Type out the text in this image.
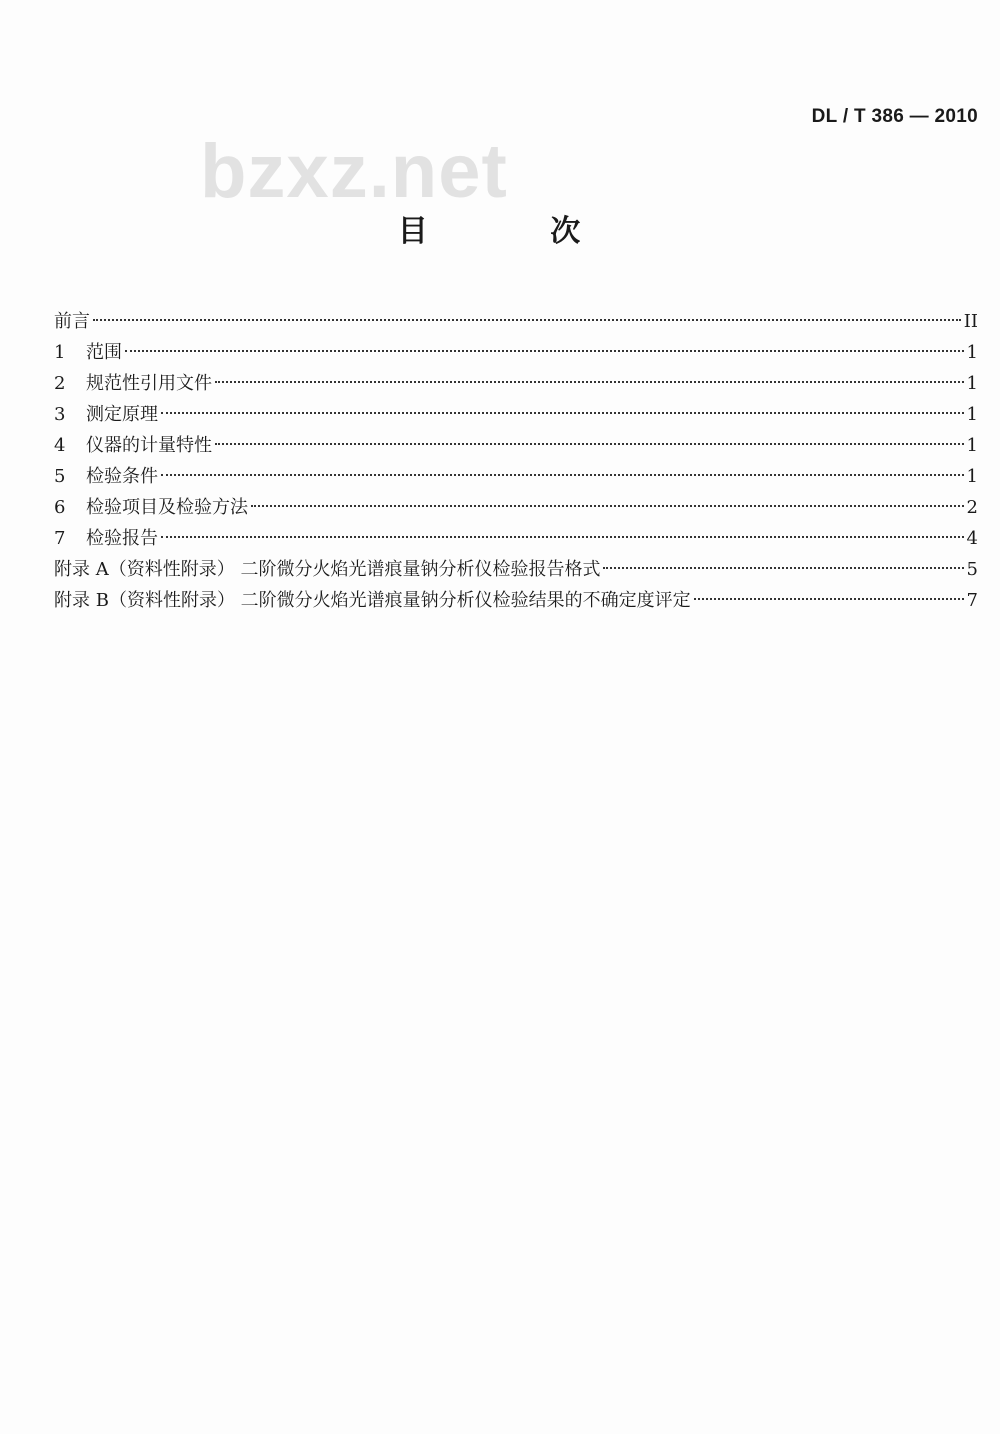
DL / T 386 — 2010
bzxz.net
目 次
前言	II
1	范围	1
2	规范性引用文件	1
3	测定原理	1
4	仪器的计量特性	1
5	检验条件	1
6	检验项目及检验方法	2
7	检验报告	4
附录 A（资料性附录） 二阶微分火焰光谱痕量钠分析仪检验报告格式	5
附录 B（资料性附录） 二阶微分火焰光谱痕量钠分析仪检验结果的不确定度评定	7
